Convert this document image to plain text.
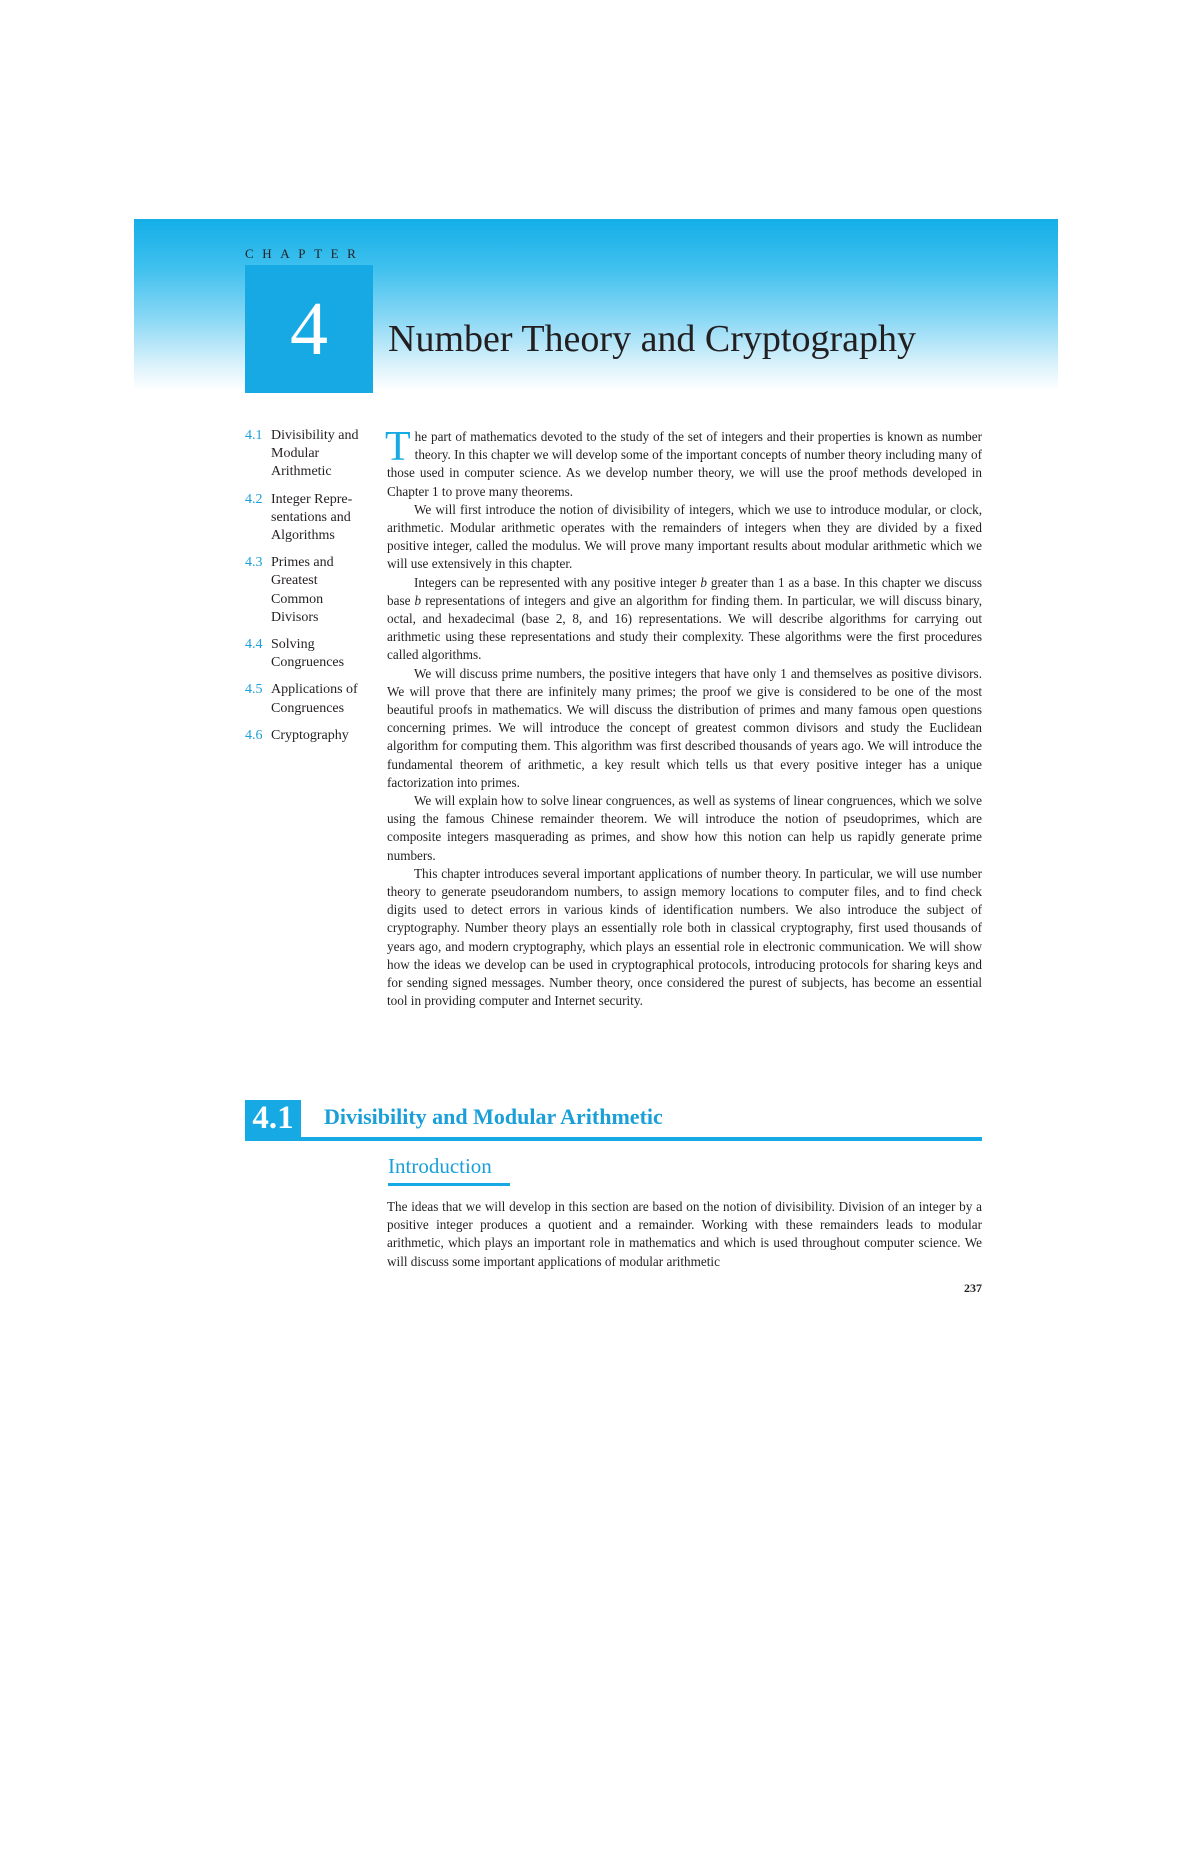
CHAPTER
4	Number Theory and Cryptography
4.1 Divisibility and Modular Arithmetic
4.2 Integer Repre-sentations and Algorithms
4.3 Primes and Greatest Common Divisors
4.4 Solving Congruences
4.5 Applications of Congruences
4.6 Cryptography

The part of mathematics devoted to the study of the set of integers and their properties is known as number theory. In this chapter we will develop some of the important concepts of number theory including many of those used in computer science. As we develop number theory, we will use the proof methods developed in Chapter 1 to prove many theorems.

We will first introduce the notion of divisibility of integers, which we use to introduce modular, or clock, arithmetic. Modular arithmetic operates with the remainders of integers when they are divided by a fixed positive integer, called the modulus. We will prove many important results about modular arithmetic which we will use extensively in this chapter.

Integers can be represented with any positive integer b greater than 1 as a base. In this chapter we discuss base b representations of integers and give an algorithm for finding them. In particular, we will discuss binary, octal, and hexadecimal (base 2, 8, and 16) representations. We will describe algorithms for carrying out arithmetic using these representations and study their complexity. These algorithms were the first procedures called algorithms.

We will discuss prime numbers, the positive integers that have only 1 and themselves as positive divisors. We will prove that there are infinitely many primes; the proof we give is considered to be one of the most beautiful proofs in mathematics. We will discuss the distribution of primes and many famous open questions concerning primes. We will introduce the concept of greatest common divisors and study the Euclidean algorithm for computing them. This algorithm was first described thousands of years ago. We will introduce the fundamental theorem of arithmetic, a key result which tells us that every positive integer has a unique factorization into primes.

We will explain how to solve linear congruences, as well as systems of linear congruences, which we solve using the famous Chinese remainder theorem. We will introduce the notion of pseudoprimes, which are composite integers masquerading as primes, and show how this notion can help us rapidly generate prime numbers.

This chapter introduces several important applications of number theory. In particular, we will use number theory to generate pseudorandom numbers, to assign memory locations to computer files, and to find check digits used to detect errors in various kinds of identification numbers. We also introduce the subject of cryptography. Number theory plays an essentially role both in classical cryptography, first used thousands of years ago, and modern cryptography, which plays an essential role in electronic communication. We will show how the ideas we develop can be used in cryptographical protocols, introducing protocols for sharing keys and for sending signed messages. Number theory, once considered the purest of subjects, has become an essential tool in providing computer and Internet security.

4.1	Divisibility and Modular Arithmetic
Introduction

The ideas that we will develop in this section are based on the notion of divisibility. Division of an integer by a positive integer produces a quotient and a remainder. Working with these remainders leads to modular arithmetic, which plays an important role in mathematics and which is used throughout computer science. We will discuss some important applications of modular arithmetic

237
